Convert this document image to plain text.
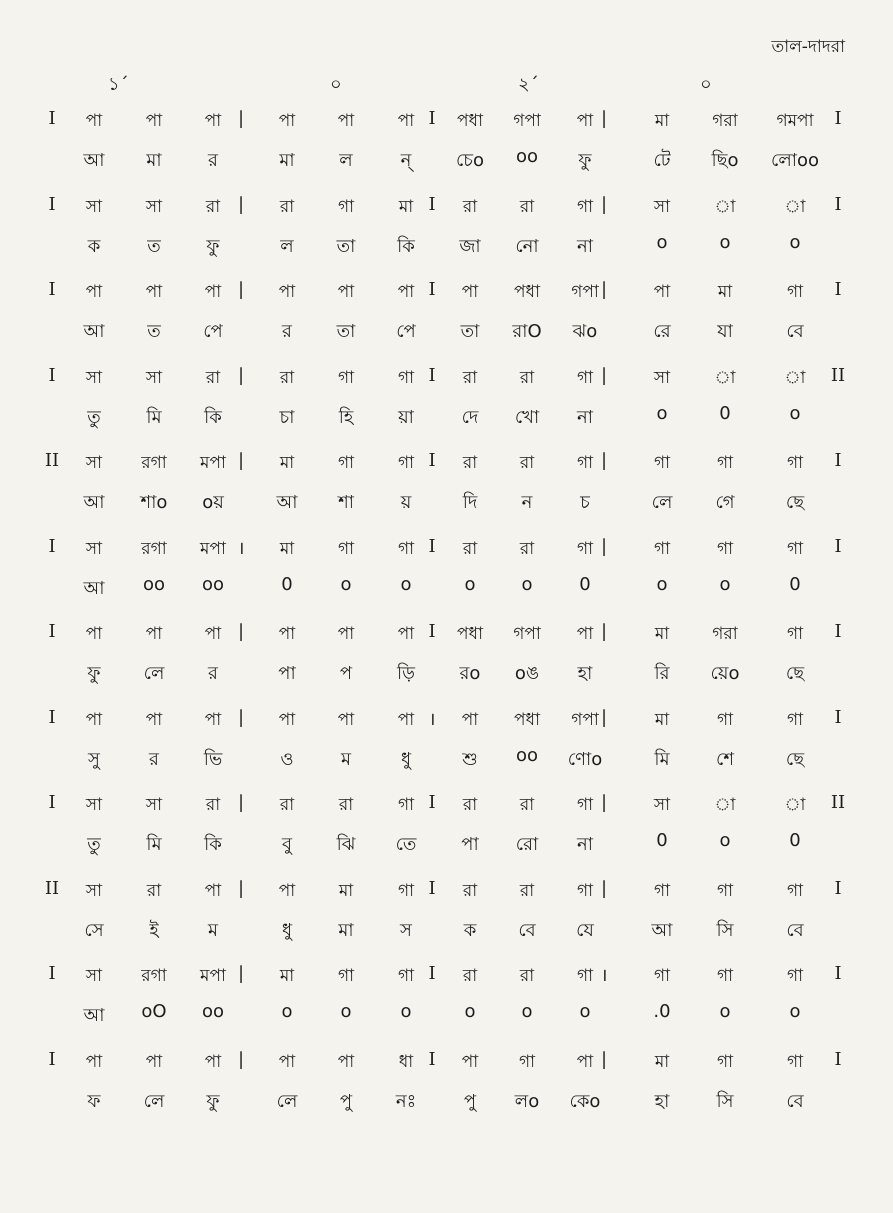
তাল-দাদরা
১´	০	২´	০
I	|	I	|	I
পা	পা	পা	পা	পা	পা	পধা	গপা	পা	মা	গরা	গমপা
আ	মা	র	মা	ল	ন্	চেo	oo	ফু	টে	ছিo	লোoo
I	|	I	|	I
সা	সা	রা	রা	গা	মা	রা	রা	গা	সা	া	া
ক	ত	ফু	ল	তা	কি	জা	নো	না	o	o	o
I	|	I	|	I
পা	পা	পা	পা	পা	পা	পা	পধা	গপা	পা	মা	গা
আ	ত	পে	র	তা	পে	তা	রাO	ঝo	রে	যা	বে
I	|	I	|	II
সা	সা	রা	রা	গা	গা	রা	রা	গা	সা	া	া
তু	মি	কি	চা	হি	য়া	দে	খো	না	o	0	o
II	|	I	|	I
সা	রগা	মপা	মা	গা	গা	রা	রা	গা	গা	গা	গা
আ	শাo	oয়	আ	শা	য়	দি	ন	চ	লে	গে	ছে
I	।	I	|	I
সা	রগা	মপা	মা	গা	গা	রা	রা	গা	গা	গা	গা
আ	oo	oo	0	o	o	o	o	0	o	o	0
I	|	I	|	I
পা	পা	পা	পা	পা	পা	পধা	গপা	পা	মা	গরা	গা
ফু	লে	র	পা	প	ড়ি	রo	oঙ	হা	রি	য়েo	ছে
I	|	।	|	I
পা	পা	পা	পা	পা	পা	পা	পধা	গপা	মা	গা	গা
সু	র	ভি	ও	ম	ধু	শু	oo	ণোo	মি	শে	ছে
I	|	I	|	II
সা	সা	রা	রা	রা	গা	রা	রা	গা	সা	া	া
তু	মি	কি	বু	ঝি	তে	পা	রো	না	0	o	0
II	|	I	|	I
সা	রা	পা	পা	মা	গা	রা	রা	গা	গা	গা	গা
সে	ই	ম	ধু	মা	স	ক	বে	যে	আ	সি	বে
I	|	I	।	I
সা	রগা	মপা	মা	গা	গা	রা	রা	গা	গা	গা	গা
আ	oO	oo	o	o	o	o	o	o	.0	o	o
I	|	I	|	I
পা	পা	পা	পা	পা	ধা	পা	গা	পা	মা	গা	গা
ফ	লে	ফু	লে	পু	নঃ	পু	লo	কেo	হা	সি	বে
